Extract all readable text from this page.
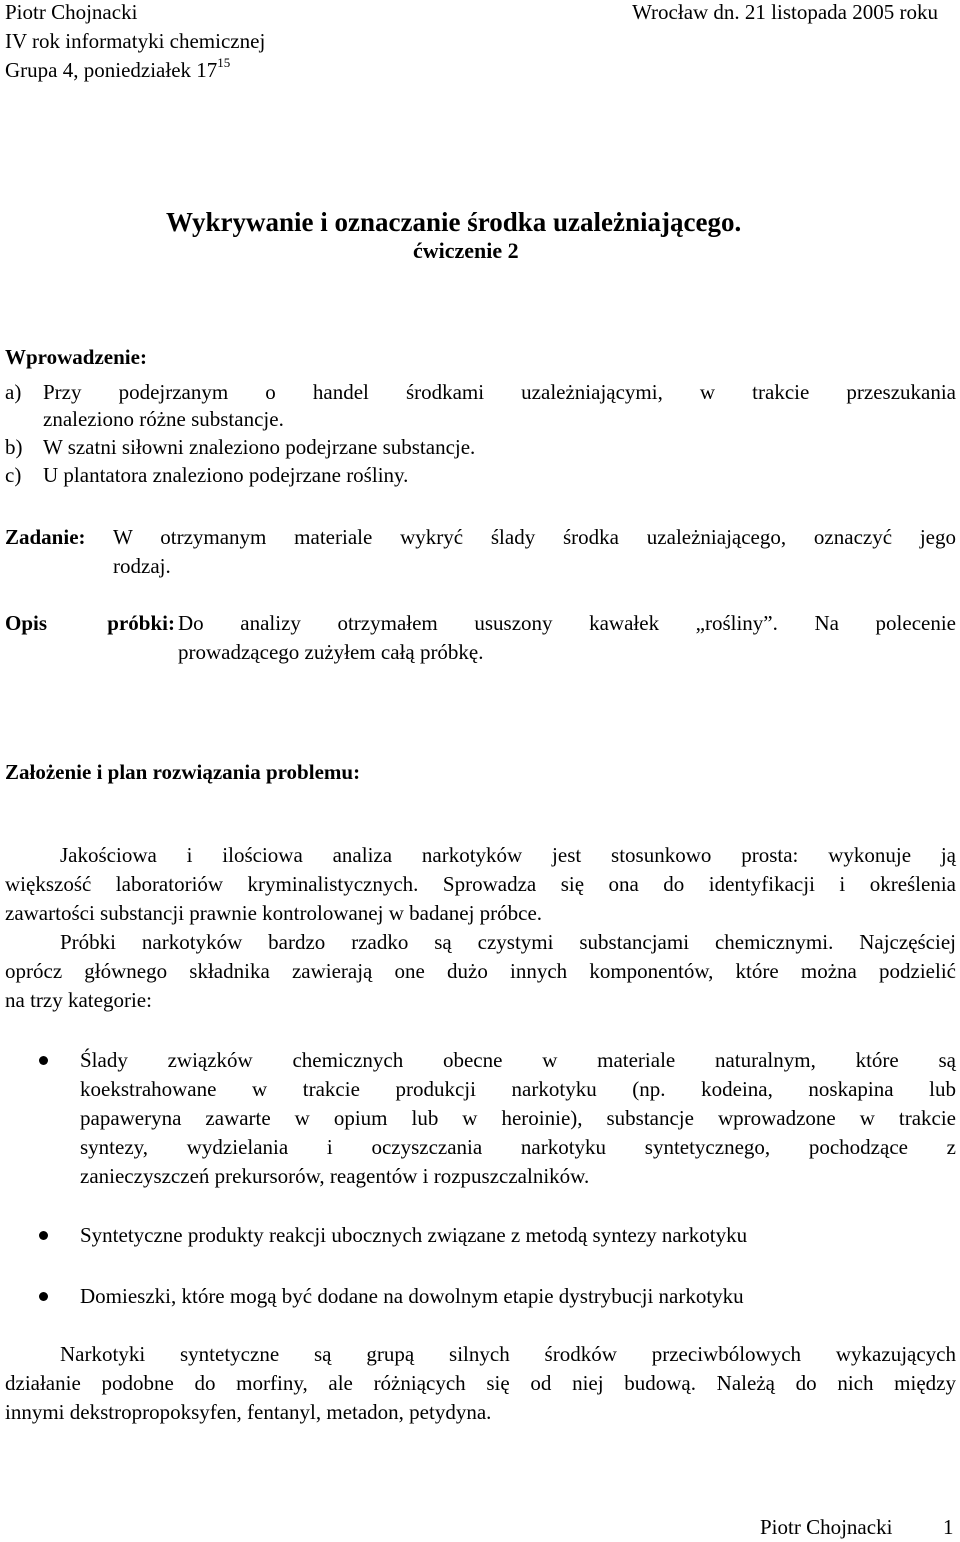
Piotr Chojnacki
IV rok informatyki chemicznej
Grupa 4, poniedziałek $17^{15}$
Wrocław dn. 21 listopada 2005 roku
Wykrywanie i oznaczanie środka uzależniającego.
ćwiczenie 2
Wprowadzenie:
a) Przy podejrzanym o handel środkami uzależniającymi, w trakcie przeszukania
znaleziono różne substancje.
b) W szatni siłowni znaleziono podejrzane substancje.
c) U plantatora znaleziono podejrzane rośliny.
Zadanie: W otrzymanym materiale wykryć ślady środka uzależniającego, oznaczyć jego
rodzaj.
Opis próbki: Do analizy otrzymałem ususzony kawałek „rośliny”. Na polecenie
prowadzącego zużyłem całą próbkę.
Założenie i plan rozwiązania problemu:
Jakościowa i ilościowa analiza narkotyków jest stosunkowo prosta: wykonuje ją
większość laboratoriów kryminalistycznych. Sprowadza się ona do identyfikacji i określenia
zawartości substancji prawnie kontrolowanej w badanej próbce.
Próbki narkotyków bardzo rzadko są czystymi substancjami chemicznymi. Najczęściej
oprócz głównego składnika zawierają one dużo innych komponentów, które można podzielić
na trzy kategorie:
Ślady związków chemicznych obecne w materiale naturalnym, które są
koekstrahowane w trakcie produkcji narkotyku (np. kodeina, noskapina lub
papaweryna zawarte w opium lub w heroinie), substancje wprowadzone w trakcie
syntezy, wydzielania i oczyszczania narkotyku syntetycznego, pochodzące z
zanieczyszczeń prekursorów, reagentów i rozpuszczalników.
Syntetyczne produkty reakcji ubocznych związane z metodą syntezy narkotyku
Domieszki, które mogą być dodane na dowolnym etapie dystrybucji narkotyku
Narkotyki syntetyczne są grupą silnych środków przeciwbólowych wykazujących
działanie podobne do morfiny, ale różniących się od niej budową. Należą do nich między
innymi dekstropropoksyfen, fentanyl, metadon, petydyna.
Piotr Chojnacki 1
